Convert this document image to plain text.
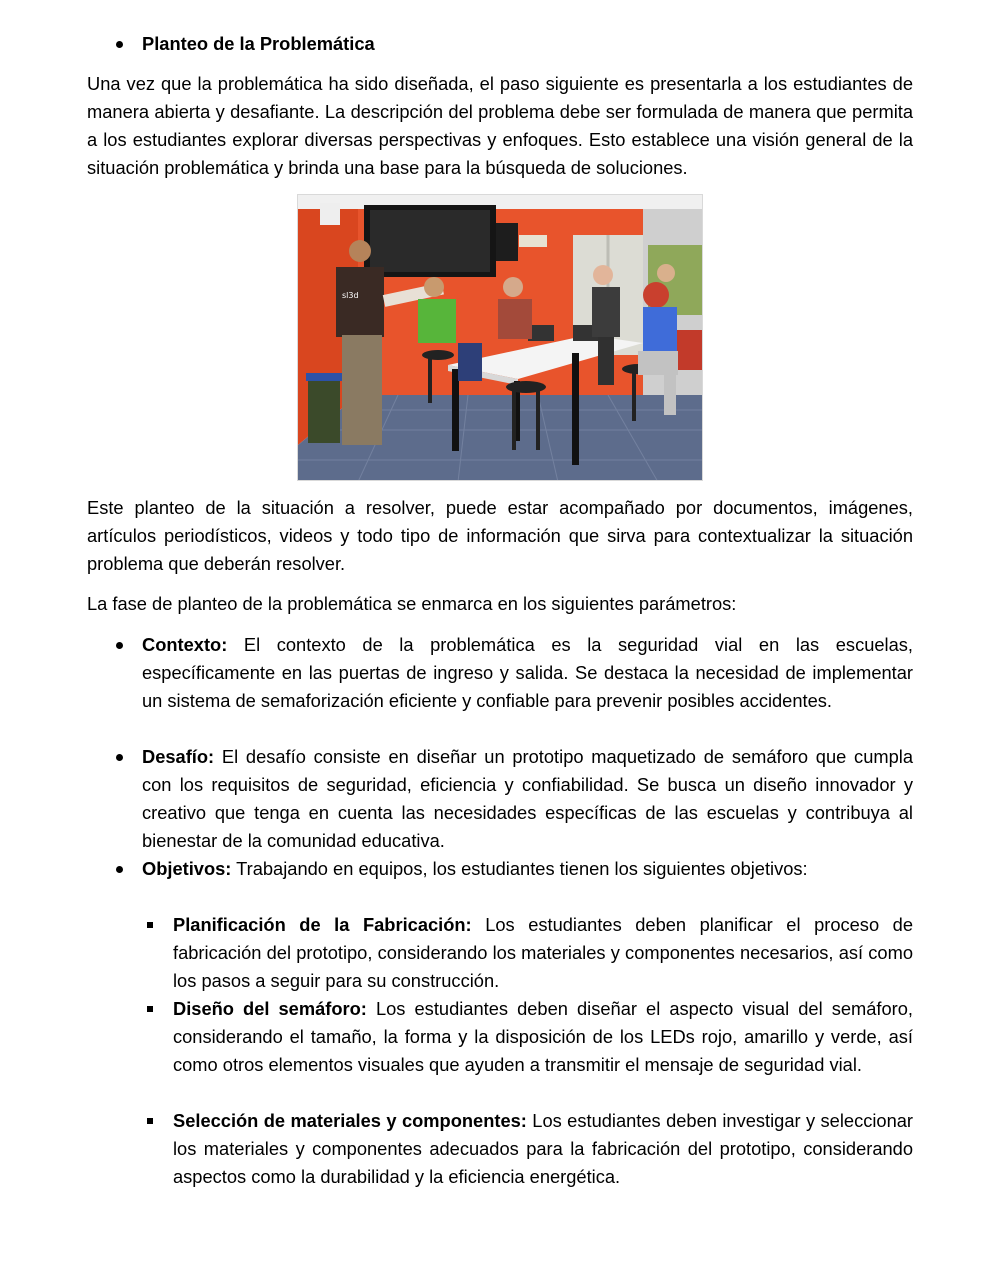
Planteo de la Problemática

Una vez que la problemática ha sido diseñada, el paso siguiente es presentarla a los estudiantes de manera abierta y desafiante. La descripción del problema debe ser formulada de manera que permita a los estudiantes explorar diversas perspectivas y enfoques. Esto establece una visión general de la situación problemática y brinda una base para la búsqueda de soluciones.

sl3d

Este planteo de la situación a resolver, puede estar acompañado por documentos, imágenes, artículos periodísticos, videos y todo tipo de información que sirva para contextualizar la situación problema que deberán resolver.

La fase de planteo de la problemática se enmarca en los siguientes parámetros:

Contexto: El contexto de la problemática es la seguridad vial en las escuelas, específicamente en las puertas de ingreso y salida. Se destaca la necesidad de implementar un sistema de semaforización eficiente y confiable para prevenir posibles accidentes.

Desafío: El desafío consiste en diseñar un prototipo maquetizado de semáforo que cumpla con los requisitos de seguridad, eficiencia y confiabilidad. Se busca un diseño innovador y creativo que tenga en cuenta las necesidades específicas de las escuelas y contribuya al bienestar de la comunidad educativa.

Objetivos: Trabajando en equipos, los estudiantes tienen los siguientes objetivos:

Planificación de la Fabricación: Los estudiantes deben planificar el proceso de fabricación del prototipo, considerando los materiales y componentes necesarios, así como los pasos a seguir para su construcción.

Diseño del semáforo: Los estudiantes deben diseñar el aspecto visual del semáforo, considerando el tamaño, la forma y la disposición de los LEDs rojo, amarillo y verde, así como otros elementos visuales que ayuden a transmitir el mensaje de seguridad vial.

Selección de materiales y componentes: Los estudiantes deben investigar y seleccionar los materiales y componentes adecuados para la fabricación del prototipo, considerando aspectos como la durabilidad y la eficiencia energética.
